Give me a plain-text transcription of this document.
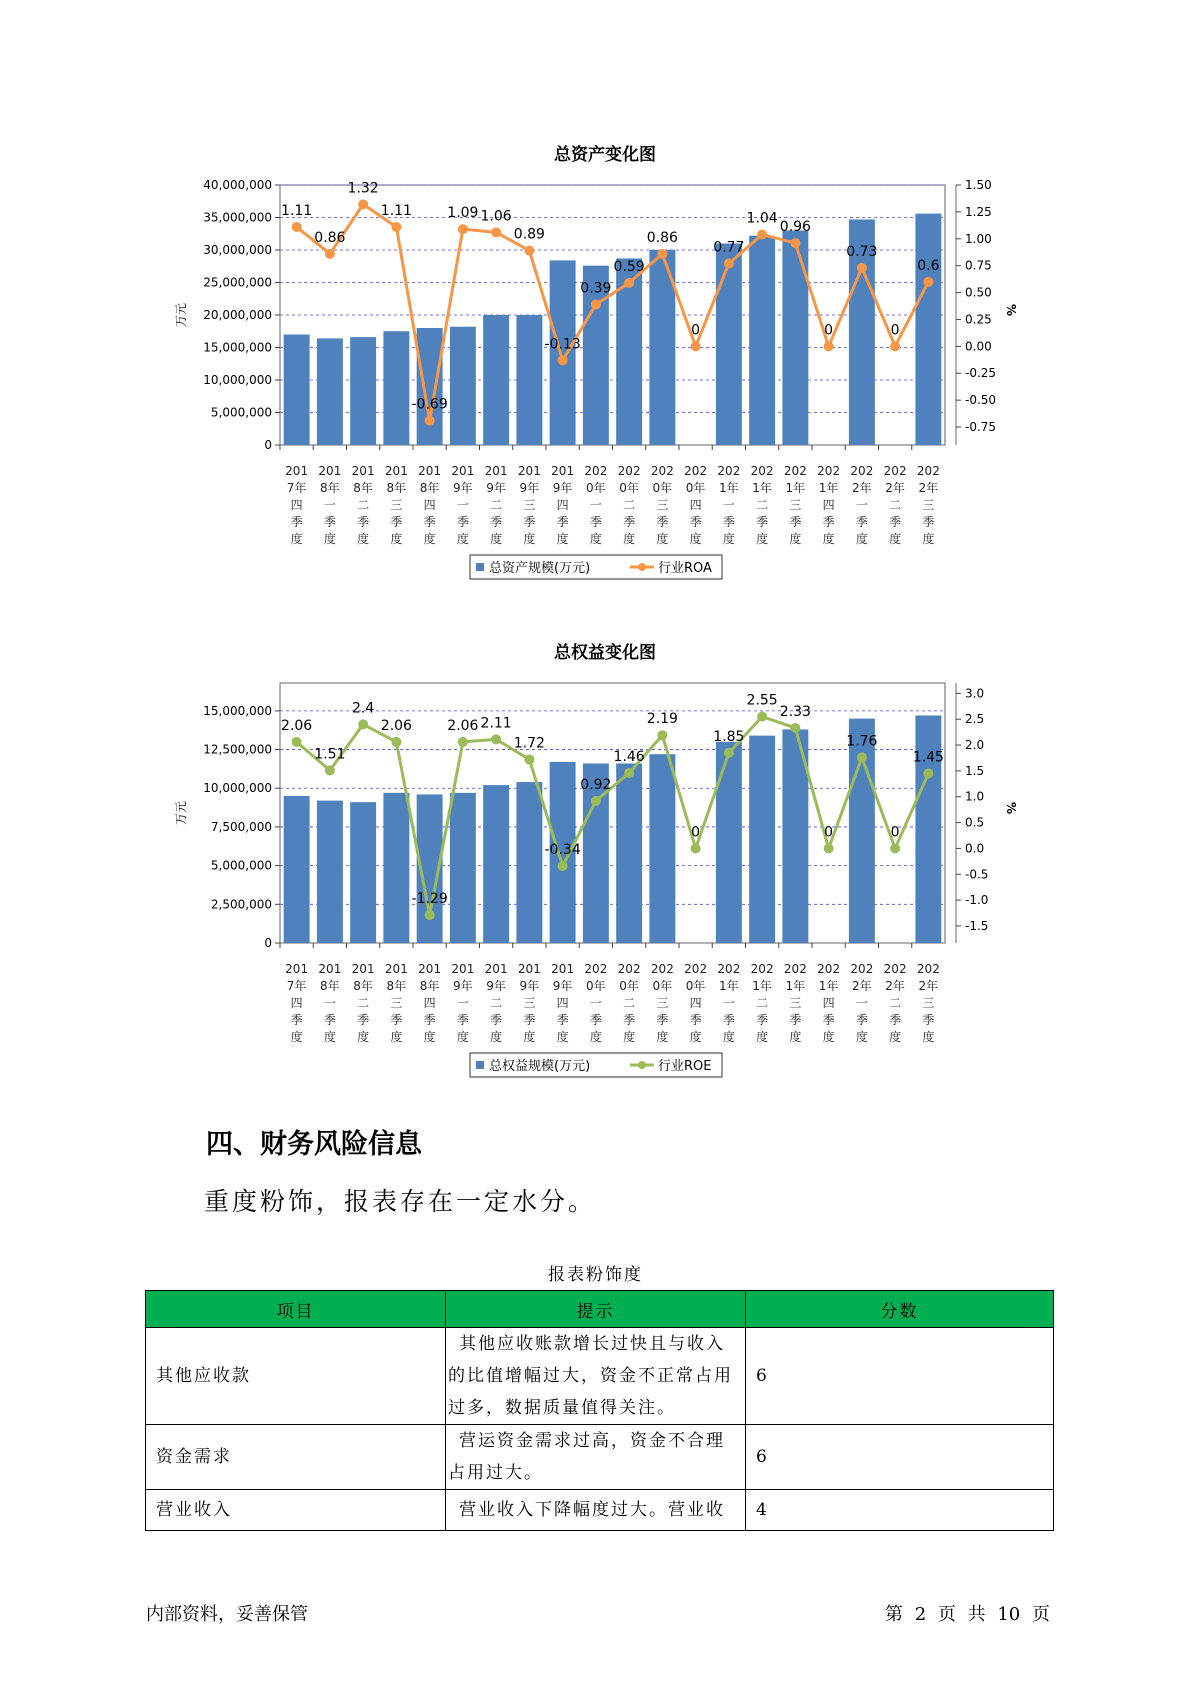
总资产变化图
0
5,000,000
10,000,000
15,000,000
20,000,000
25,000,000
30,000,000
35,000,000
40,000,000
-0.75
-0.50
-0.25
0.00
0.25
0.50
0.75
1.00
1.25
1.50
万元	%
201
7年
四
季
度
201
8年
一
季
度
201
8年
二
季
度
201
8年
三
季
度
201
8年
四
季
度
201
9年
一
季
度
201
9年
二
季
度
201
9年
三
季
度
201
9年
四
季
度
202
0年
一
季
度
202
0年
二
季
度
202
0年
三
季
度
202
0年
四
季
度
202
1年
一
季
度
202
1年
二
季
度
202
1年
三
季
度
202
1年
四
季
度
202
2年
一
季
度
202
2年
二
季
度
202
2年
三
季
度
1.11
0.86
1.32
1.11
-0.69
1.09 1.06
0.89
-0.13
0.39
0.59
0.86
0
0.77
1.04
0.96
0
0.73
0
0.6
总资产规模(万元)	行业ROA
总权益变化图
0
2,500,000
5,000,000
7,500,000
10,000,000
12,500,000
15,000,000
-1.5
-1.0
-0.5
0.0
0.5
1.0
1.5
2.0
2.5
3.0
万元	%
201
7年
四
季
度
201
8年
一
季
度
201
8年
二
季
度
201
8年
三
季
度
201
8年
四
季
度
201
9年
一
季
度
201
9年
二
季
度
201
9年
三
季
度
201
9年
四
季
度
202
0年
一
季
度
202
0年
二
季
度
202
0年
三
季
度
202
0年
四
季
度
202
1年
一
季
度
202
1年
二
季
度
202
1年
三
季
度
202
1年
四
季
度
202
2年
一
季
度
202
2年
二
季
度
202
2年
三
季
度
2.06
1.51
2.4
2.06
-1.29
2.06 2.11
1.72
-0.34
0.92
1.46
2.19
0
1.85
2.55
2.33
0
1.76
0
1.45
总权益规模(万元)	行业ROE
四、财务风险信息
重度粉饰，报表存在一定水分。
报表粉饰度
项目	提示	分数
其他应收款	其他应收账款增长过快且与收入的比值增幅过大，资金不正常占用过多，数据质量值得关注。	6
资金需求	营运资金需求过高，资金不合理占用过大。	6
营业收入	营业收入下降幅度过大。营业收	4
内部资料，妥善保管	第 2 页 共 10 页
